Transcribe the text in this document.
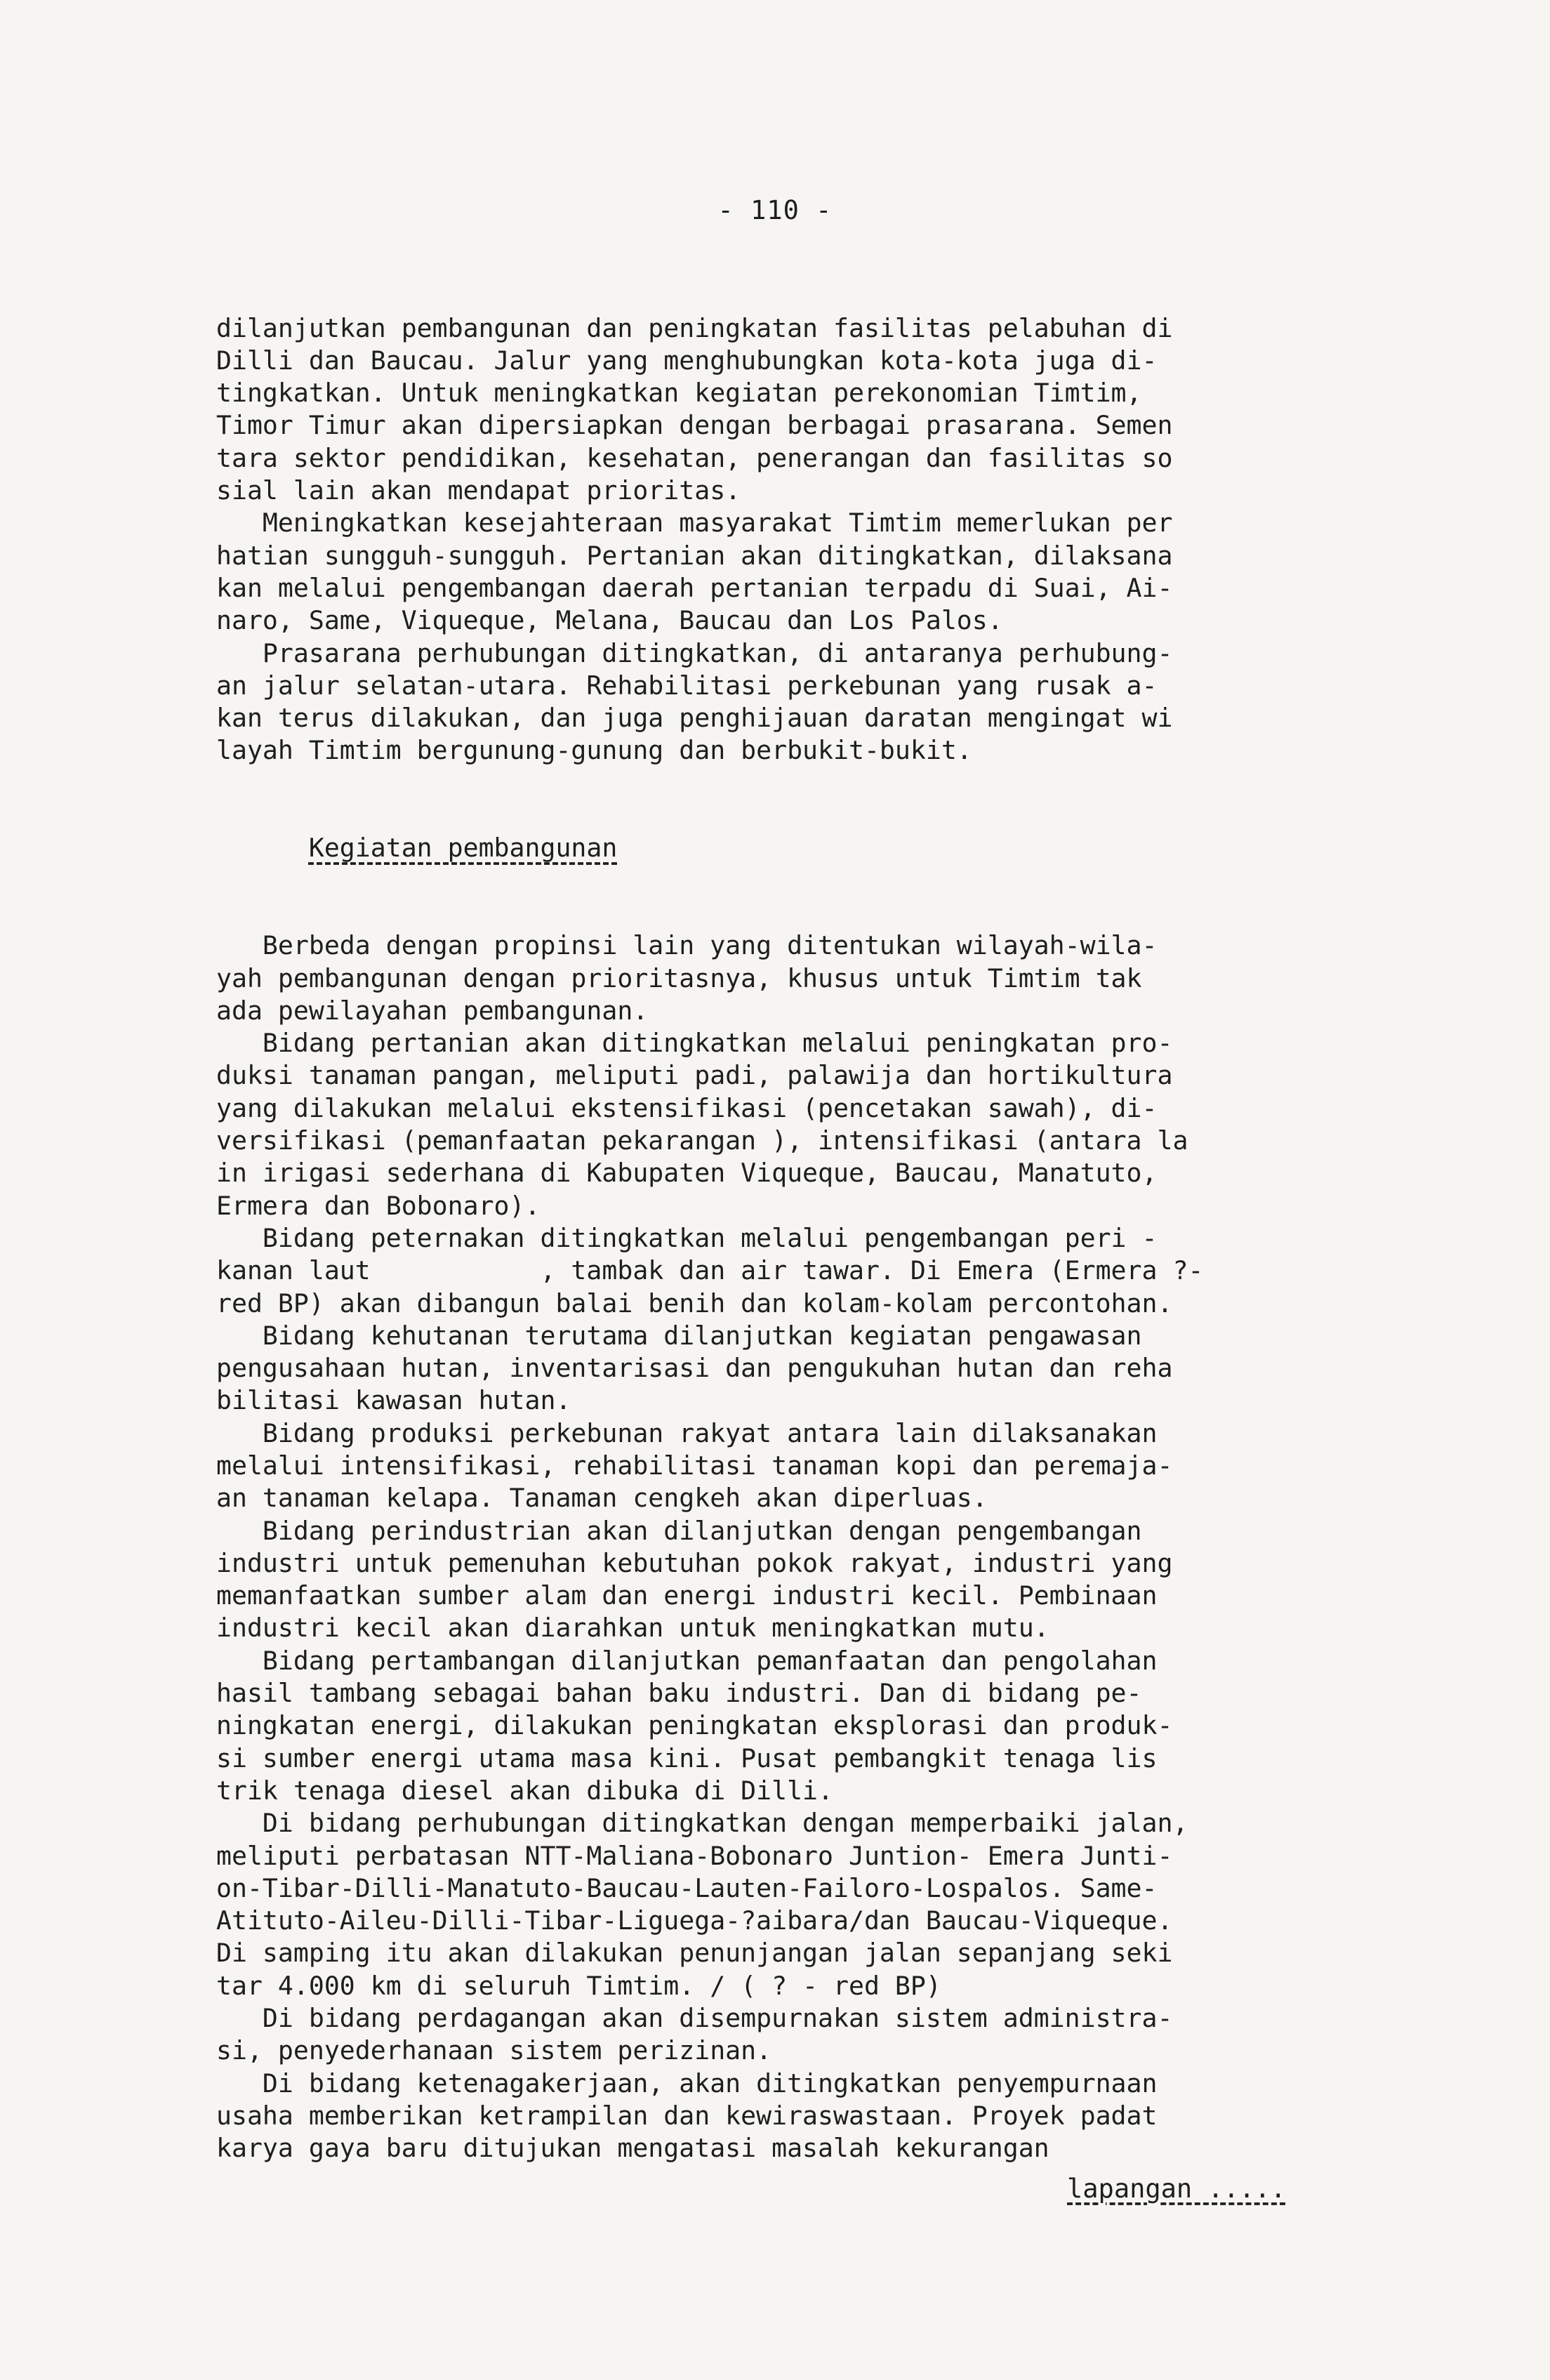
- 110 -

dilanjutkan pembangunan dan peningkatan fasilitas pelabuhan di
Dilli dan Baucau. Jalur yang menghubungkan kota-kota juga di-
tingkatkan. Untuk meningkatkan kegiatan perekonomian Timtim,
Timor Timur akan dipersiapkan dengan berbagai prasarana. Semen
tara sektor pendidikan, kesehatan, penerangan dan fasilitas so
sial lain akan mendapat prioritas.
Meningkatkan kesejahteraan masyarakat Timtim memerlukan per
hatian sungguh-sungguh. Pertanian akan ditingkatkan, dilaksana
kan melalui pengembangan daerah pertanian terpadu di Suai, Ai-
naro, Same, Viqueque, Melana, Baucau dan Los Palos.
Prasarana perhubungan ditingkatkan, di antaranya perhubung-
an jalur selatan-utara. Rehabilitasi perkebunan yang rusak a-
kan terus dilakukan, dan juga penghijauan daratan mengingat wi
layah Timtim bergunung-gunung dan berbukit-bukit.

Kegiatan pembangunan

Berbeda dengan propinsi lain yang ditentukan wilayah-wila-
yah pembangunan dengan prioritasnya, khusus untuk Timtim tak
ada pewilayahan pembangunan.
Bidang pertanian akan ditingkatkan melalui peningkatan pro-
duksi tanaman pangan, meliputi padi, palawija dan hortikultura
yang dilakukan melalui ekstensifikasi (pencetakan sawah), di-
versifikasi (pemanfaatan pekarangan ), intensifikasi (antara la
in irigasi sederhana di Kabupaten Viqueque, Baucau, Manatuto,
Ermera dan Bobonaro).
Bidang peternakan ditingkatkan melalui pengembangan peri -
kanan laut           , tambak dan air tawar. Di Emera (Ermera ?-
red BP) akan dibangun balai benih dan kolam-kolam percontohan.
Bidang kehutanan terutama dilanjutkan kegiatan pengawasan
pengusahaan hutan, inventarisasi dan pengukuhan hutan dan reha
bilitasi kawasan hutan.
Bidang produksi perkebunan rakyat antara lain dilaksanakan
melalui intensifikasi, rehabilitasi tanaman kopi dan peremaja-
an tanaman kelapa. Tanaman cengkeh akan diperluas.
Bidang perindustrian akan dilanjutkan dengan pengembangan
industri untuk pemenuhan kebutuhan pokok rakyat, industri yang
memanfaatkan sumber alam dan energi industri kecil. Pembinaan
industri kecil akan diarahkan untuk meningkatkan mutu.
Bidang pertambangan dilanjutkan pemanfaatan dan pengolahan
hasil tambang sebagai bahan baku industri. Dan di bidang pe-
ningkatan energi, dilakukan peningkatan eksplorasi dan produk-
si sumber energi utama masa kini. Pusat pembangkit tenaga lis
trik tenaga diesel akan dibuka di Dilli.
Di bidang perhubungan ditingkatkan dengan memperbaiki jalan,
meliputi perbatasan NTT-Maliana-Bobonaro Juntion- Emera Junti-
on-Tibar-Dilli-Manatuto-Baucau-Lauten-Failoro-Lospalos. Same-
Atituto-Aileu-Dilli-Tibar-Liguega-?aibara/dan Baucau-Viqueque.
Di samping itu akan dilakukan penunjangan jalan sepanjang seki
tar 4.000 km di seluruh Timtim. / ( ? - red BP)
Di bidang perdagangan akan disempurnakan sistem administra-
si, penyederhanaan sistem perizinan.
Di bidang ketenagakerjaan, akan ditingkatkan penyempurnaan
usaha memberikan ketrampilan dan kewiraswastaan. Proyek padat
karya gaya baru ditujukan mengatasi masalah kekurangan

lapangan .....
